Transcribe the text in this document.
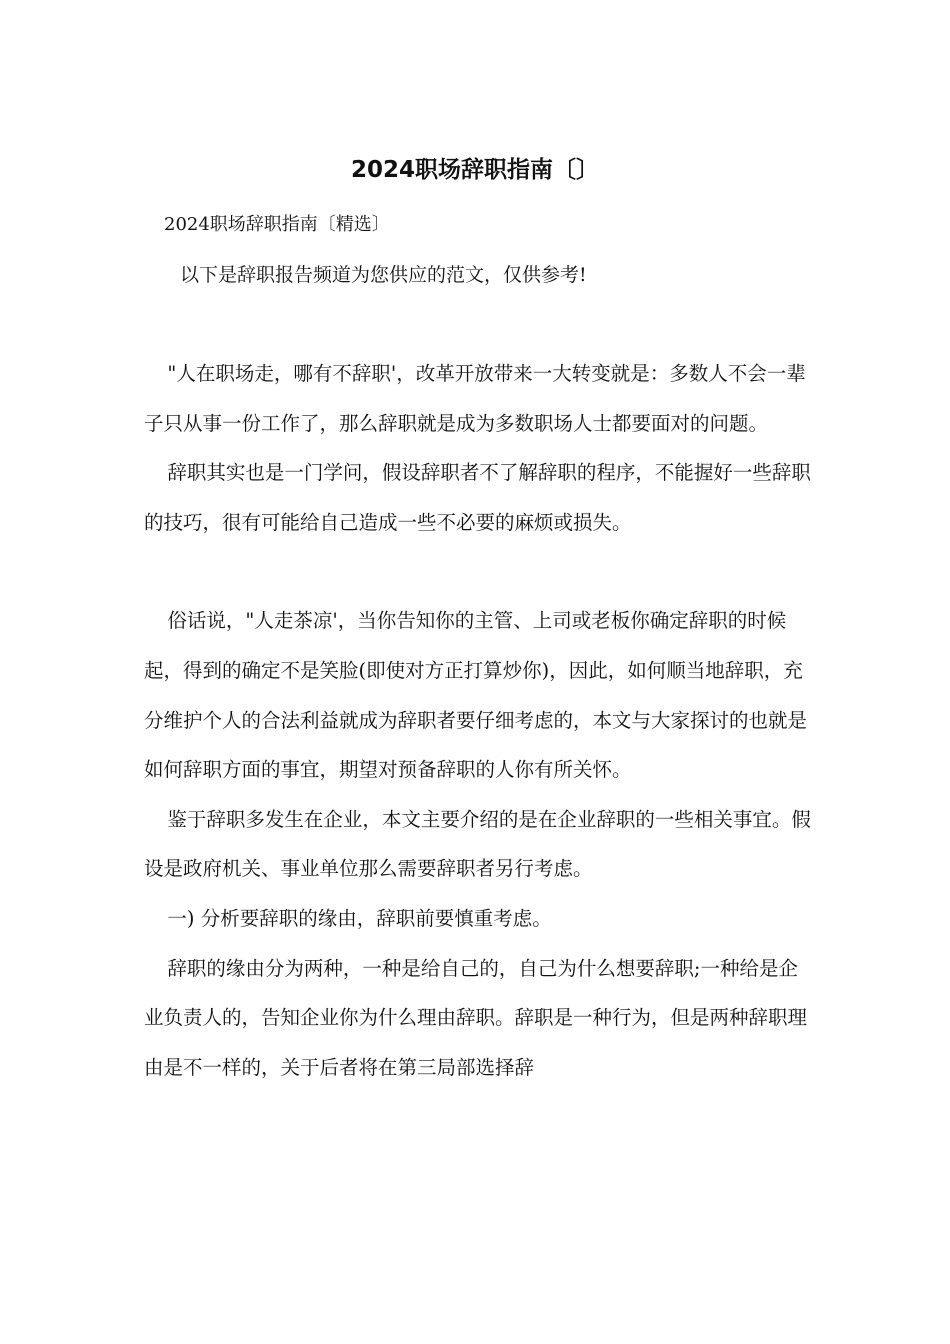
2024职场辞职指南〔〕

2024职场辞职指南〔精选〕

以下是辞职报告频道为您供应的范文，仅供参考!

"人在职场走，哪有不辞职'，改革开放带来一大转变就是：多数人不会一辈子只从事一份工作了，那么辞职就是成为多数职场人士都要面对的问题。

辞职其实也是一门学问，假设辞职者不了解辞职的程序，不能握好一些辞职的技巧，很有可能给自己造成一些不必要的麻烦或损失。

俗话说，"人走茶凉'，当你告知你的主管、上司或老板你确定辞职的时候起，得到的确定不是笑脸(即使对方正打算炒你)，因此，如何顺当地辞职，充分维护个人的合法利益就成为辞职者要仔细考虑的，本文与大家探讨的也就是如何辞职方面的事宜，期望对预备辞职的人你有所关怀。

鉴于辞职多发生在企业，本文主要介绍的是在企业辞职的一些相关事宜。假设是政府机关、事业单位那么需要辞职者另行考虑。

一) 分析要辞职的缘由，辞职前要慎重考虑。

辞职的缘由分为两种，一种是给自己的，自己为什么想要辞职;一种给是企业负责人的，告知企业你为什么理由辞职。辞职是一种行为，但是两种辞职理由是不一样的，关于后者将在第三局部选择辞
